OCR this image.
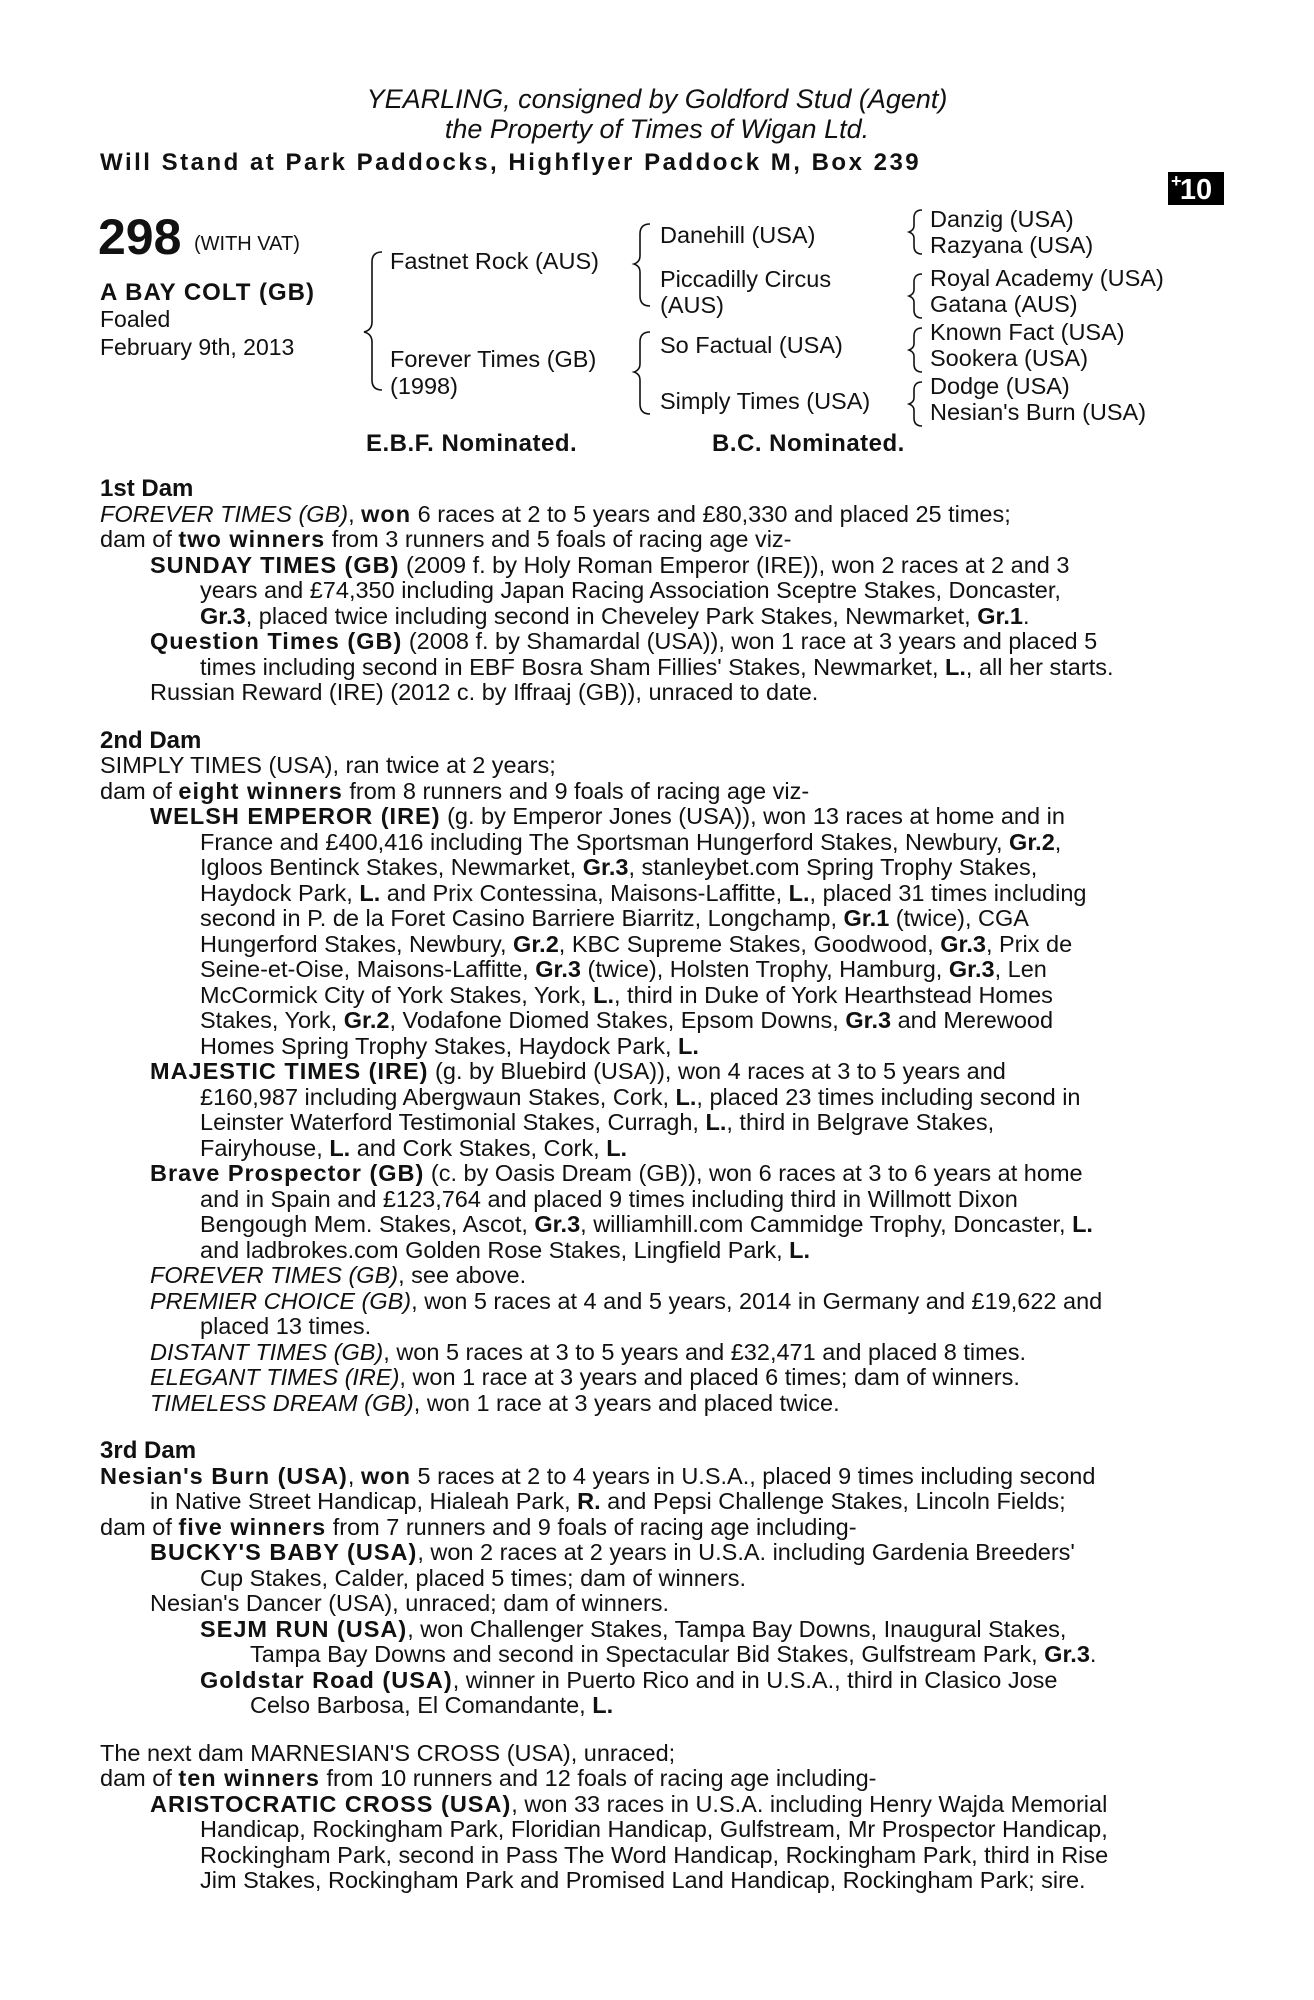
YEARLING, consigned by Goldford Stud (Agent)
the Property of Times of Wigan Ltd.
Will Stand at Park Paddocks, Highflyer Paddock M, Box 239
+
10
298 (WITH VAT)
A BAY COLT (GB)
Foaled
February 9th, 2013
Fastnet Rock (AUS)
Forever Times (GB)
(1998)
Danehill (USA)
Piccadilly Circus
(AUS)
So Factual (USA)
Simply Times (USA)
Danzig (USA)
Razyana (USA)
Royal Academy (USA)
Gatana (AUS)
Known Fact (USA)
Sookera (USA)
Dodge (USA)
Nesian's Burn (USA)
E.B.F. Nominated.	B.C. Nominated.
1st Dam
FOREVER TIMES (GB), won 6 races at 2 to 5 years and £80,330 and placed 25 times;
dam of two winners from 3 runners and 5 foals of racing age viz-
SUNDAY TIMES (GB) (2009 f. by Holy Roman Emperor (IRE)), won 2 races at 2 and 3
years and £74,350 including Japan Racing Association Sceptre Stakes, Doncaster,
Gr.3, placed twice including second in Cheveley Park Stakes, Newmarket, Gr.1.
Question Times (GB) (2008 f. by Shamardal (USA)), won 1 race at 3 years and placed 5
times including second in EBF Bosra Sham Fillies' Stakes, Newmarket, L., all her starts.
Russian Reward (IRE) (2012 c. by Iffraaj (GB)), unraced to date.
2nd Dam
SIMPLY TIMES (USA), ran twice at 2 years;
dam of eight winners from 8 runners and 9 foals of racing age viz-
WELSH EMPEROR (IRE) (g. by Emperor Jones (USA)), won 13 races at home and in
France and £400,416 including The Sportsman Hungerford Stakes, Newbury, Gr.2,
Igloos Bentinck Stakes, Newmarket, Gr.3, stanleybet.com Spring Trophy Stakes,
Haydock Park, L. and Prix Contessina, Maisons-Laffitte, L., placed 31 times including
second in P. de la Foret Casino Barriere Biarritz, Longchamp, Gr.1 (twice), CGA
Hungerford Stakes, Newbury, Gr.2, KBC Supreme Stakes, Goodwood, Gr.3, Prix de
Seine-et-Oise, Maisons-Laffitte, Gr.3 (twice), Holsten Trophy, Hamburg, Gr.3, Len
McCormick City of York Stakes, York, L., third in Duke of York Hearthstead Homes
Stakes, York, Gr.2, Vodafone Diomed Stakes, Epsom Downs, Gr.3 and Merewood
Homes Spring Trophy Stakes, Haydock Park, L.
MAJESTIC TIMES (IRE) (g. by Bluebird (USA)), won 4 races at 3 to 5 years and
£160,987 including Abergwaun Stakes, Cork, L., placed 23 times including second in
Leinster Waterford Testimonial Stakes, Curragh, L., third in Belgrave Stakes,
Fairyhouse, L. and Cork Stakes, Cork, L.
Brave Prospector (GB) (c. by Oasis Dream (GB)), won 6 races at 3 to 6 years at home
and in Spain and £123,764 and placed 9 times including third in Willmott Dixon
Bengough Mem. Stakes, Ascot, Gr.3, williamhill.com Cammidge Trophy, Doncaster, L.
and ladbrokes.com Golden Rose Stakes, Lingfield Park, L.
FOREVER TIMES (GB), see above.
PREMIER CHOICE (GB), won 5 races at 4 and 5 years, 2014 in Germany and £19,622 and
placed 13 times.
DISTANT TIMES (GB), won 5 races at 3 to 5 years and £32,471 and placed 8 times.
ELEGANT TIMES (IRE), won 1 race at 3 years and placed 6 times; dam of winners.
TIMELESS DREAM (GB), won 1 race at 3 years and placed twice.
3rd Dam
Nesian's Burn (USA), won 5 races at 2 to 4 years in U.S.A., placed 9 times including second
in Native Street Handicap, Hialeah Park, R. and Pepsi Challenge Stakes, Lincoln Fields;
dam of five winners from 7 runners and 9 foals of racing age including-
BUCKY'S BABY (USA), won 2 races at 2 years in U.S.A. including Gardenia Breeders'
Cup Stakes, Calder, placed 5 times; dam of winners.
Nesian's Dancer (USA), unraced; dam of winners.
SEJM RUN (USA), won Challenger Stakes, Tampa Bay Downs, Inaugural Stakes,
Tampa Bay Downs and second in Spectacular Bid Stakes, Gulfstream Park, Gr.3.
Goldstar Road (USA), winner in Puerto Rico and in U.S.A., third in Clasico Jose
Celso Barbosa, El Comandante, L.
The next dam MARNESIAN'S CROSS (USA), unraced;
dam of ten winners from 10 runners and 12 foals of racing age including-
ARISTOCRATIC CROSS (USA), won 33 races in U.S.A. including Henry Wajda Memorial
Handicap, Rockingham Park, Floridian Handicap, Gulfstream, Mr Prospector Handicap,
Rockingham Park, second in Pass The Word Handicap, Rockingham Park, third in Rise
Jim Stakes, Rockingham Park and Promised Land Handicap, Rockingham Park; sire.
